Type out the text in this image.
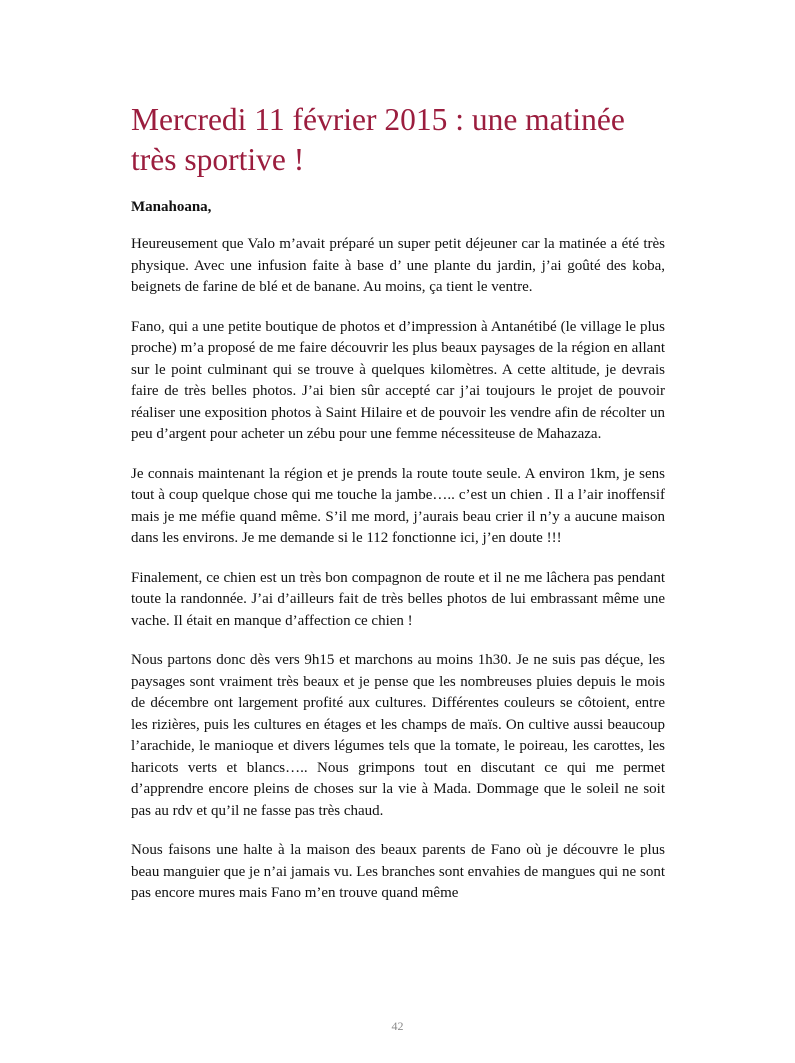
Mercredi 11 février 2015 : une matinée très sportive !

Manahoana,

Heureusement que Valo m’avait préparé un super petit déjeuner car la matinée a été très physique. Avec une infusion faite à base d’ une plante du jardin, j’ai goûté des koba, beignets de farine de blé et de banane. Au moins, ça tient le ventre.

Fano, qui a une petite boutique de photos et d’impression à Antanétibé (le village le plus proche) m’a proposé de me faire découvrir les plus beaux paysages de la région en allant sur le point culminant qui se trouve à quelques kilomètres. A cette altitude, je devrais faire de très belles photos. J’ai bien sûr accepté car j’ai toujours le projet de pouvoir réaliser une exposition photos à Saint Hilaire et de pouvoir les vendre afin de récolter un peu d’argent pour acheter un zébu pour une femme nécessiteuse de Mahazaza.

Je connais maintenant la région et je prends la route toute seule. A environ 1km, je sens tout à coup quelque chose qui me touche la jambe….. c’est un chien . Il a l’air inoffensif mais je me méfie quand même. S’il me mord, j’aurais beau crier il n’y a aucune maison dans les environs. Je me demande si le 112 fonctionne ici, j’en doute !!!

Finalement, ce chien est un très bon compagnon de route et il ne me lâchera pas pendant toute la randonnée. J’ai d’ailleurs fait de très belles photos de lui embrassant même une vache. Il était en manque d’affection ce chien !

Nous partons donc dès vers 9h15 et marchons au moins 1h30. Je ne suis pas déçue, les paysages sont vraiment très beaux et je pense que les nombreuses pluies depuis le mois de décembre ont largement profité aux cultures. Différentes couleurs se côtoient, entre les rizières, puis les cultures en étages et les champs de maïs. On cultive aussi beaucoup l’arachide, le manioque et divers légumes tels que la tomate, le poireau, les carottes, les haricots verts et blancs….. Nous grimpons tout en discutant ce qui me permet d’apprendre encore pleins de choses sur la vie à Mada. Dommage que le soleil ne soit pas au rdv et qu’il ne fasse pas très chaud.

Nous faisons une halte à la maison des beaux parents de Fano où je découvre le plus beau manguier que je n’ai jamais vu. Les branches sont envahies de mangues qui ne sont pas encore mures mais Fano m’en trouve quand même

42
